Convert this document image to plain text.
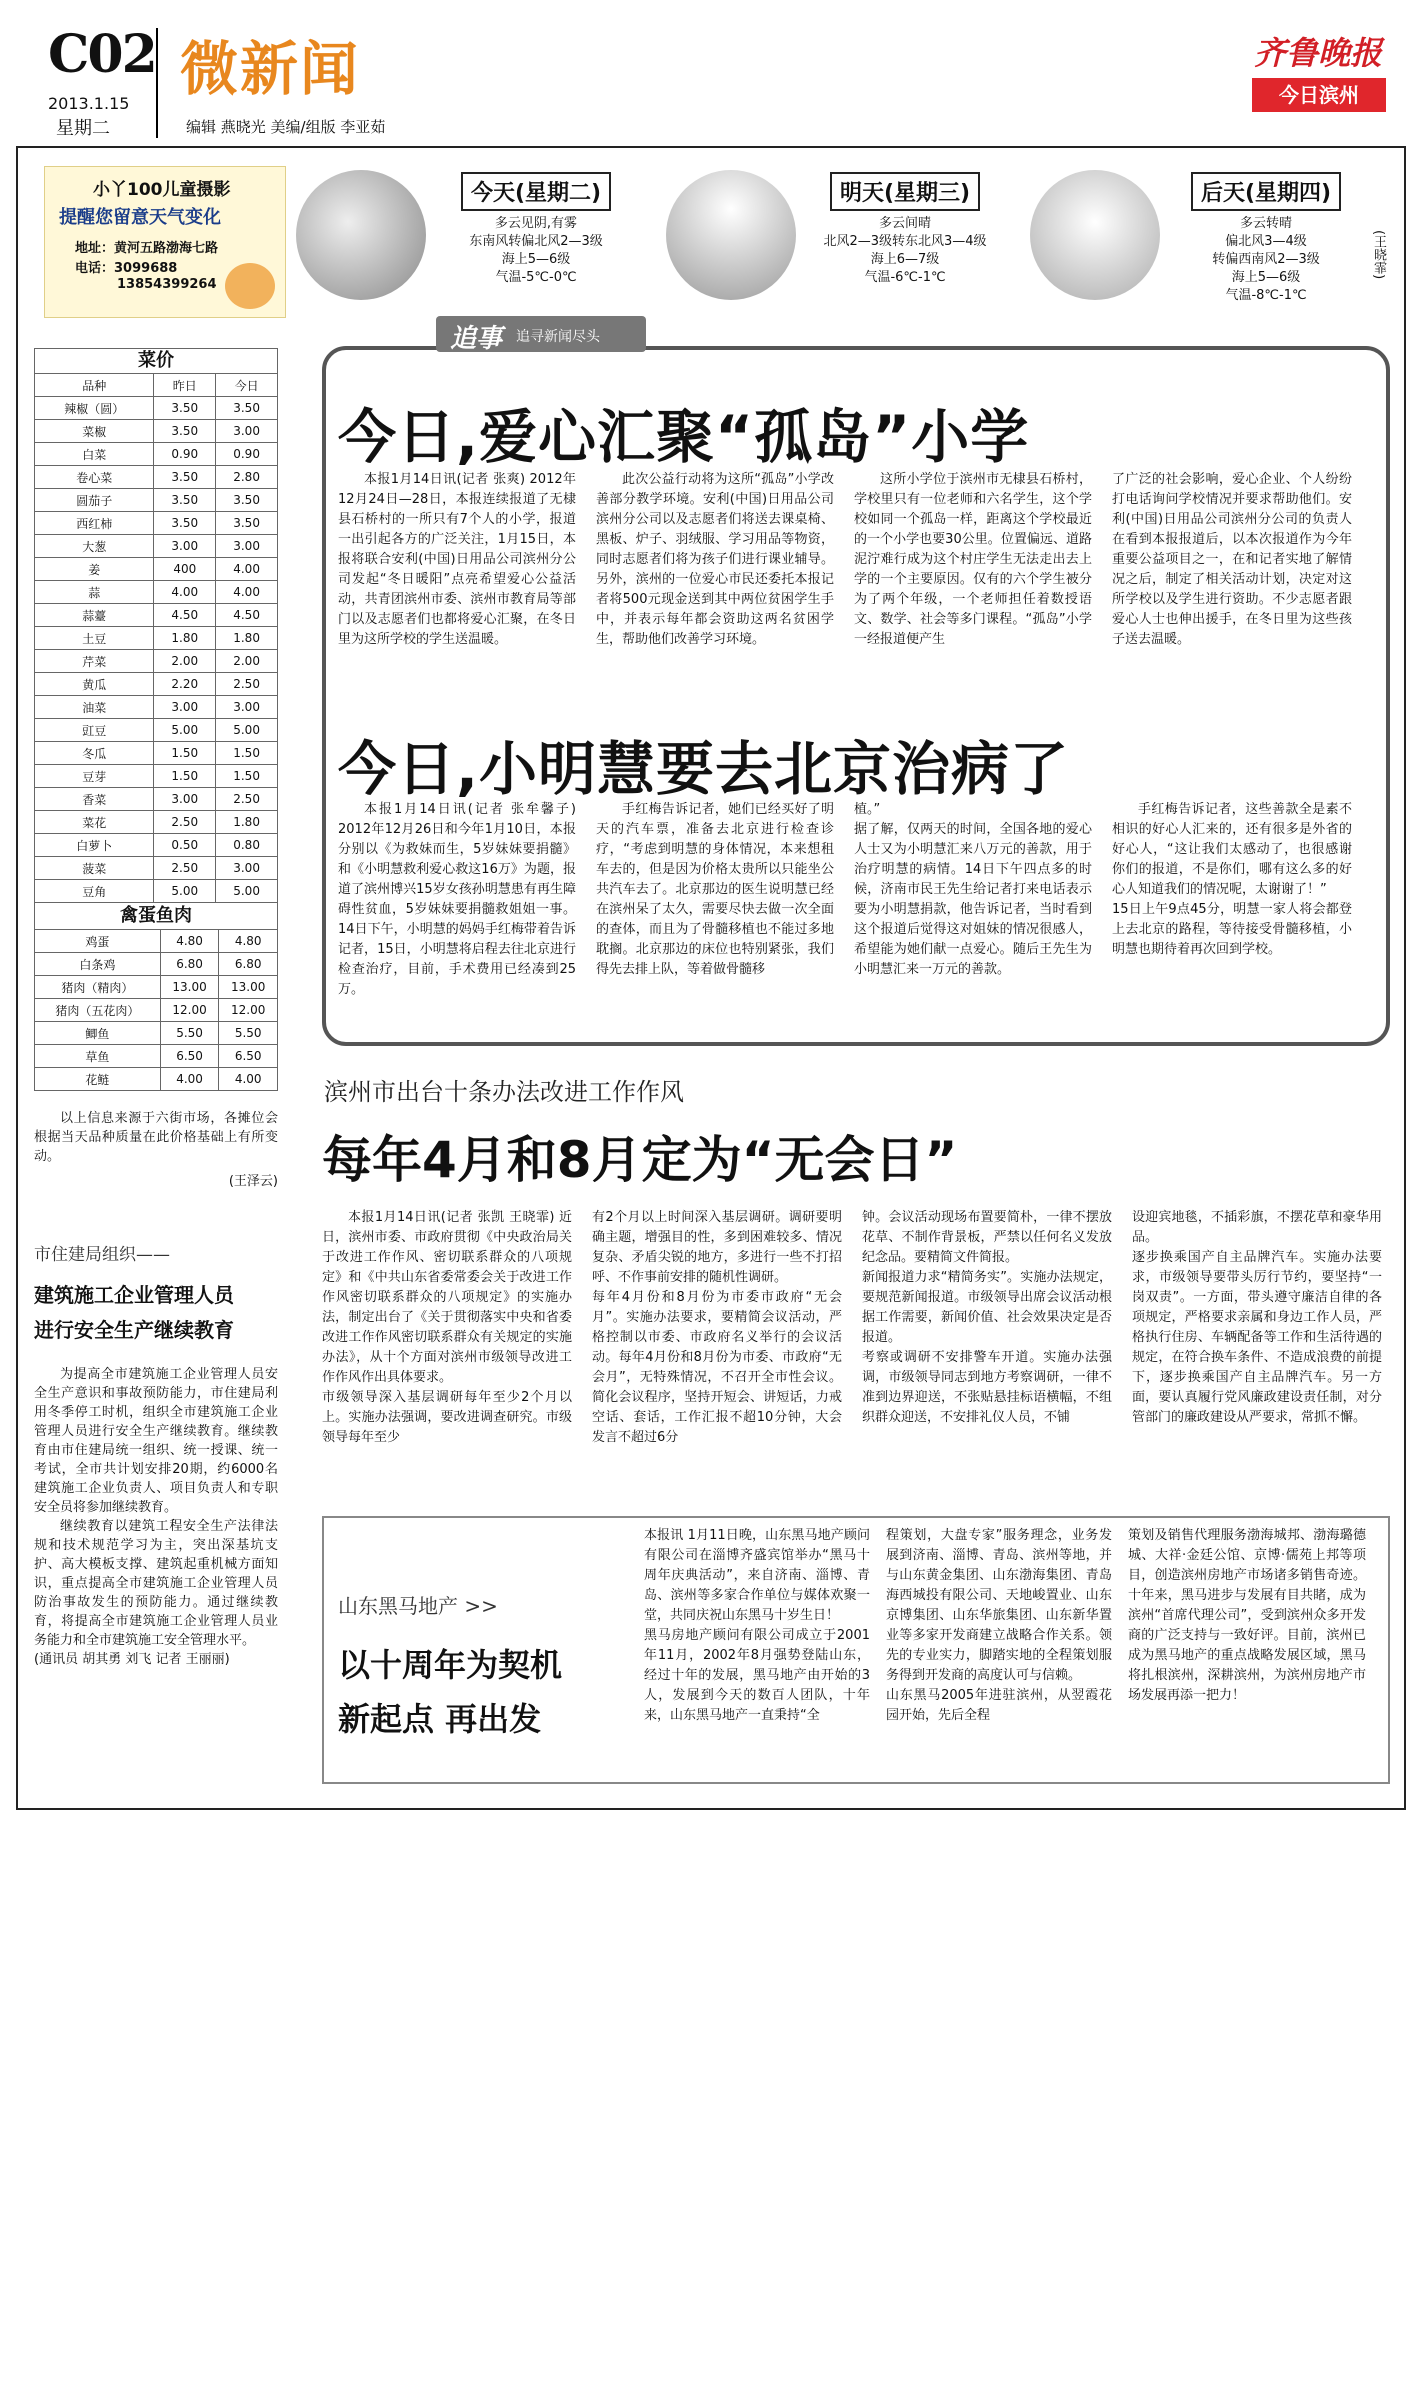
C02
2013.1.15
星期二
微新闻
编辑 燕晓光 美编/组版 李亚茹
齐鲁晚报
今日滨州
小丫100儿童摄影
提醒您留意天气变化
地址：黄河五路渤海七路
电话：3099688
13854399264
菜价
品种	昨日	今日
辣椒（圆）	3.50	3.50
菜椒	3.50	3.00
白菜	0.90	0.90
卷心菜	3.50	2.80
圆茄子	3.50	3.50
西红柿	3.50	3.50
大葱	3.00	3.00
姜	400	4.00
蒜	4.00	4.00
蒜薹	4.50	4.50
土豆	1.80	1.80
芹菜	2.00	2.00
黄瓜	2.20	2.50
油菜	3.00	3.00
豇豆	5.00	5.00
冬瓜	1.50	1.50
豆芽	1.50	1.50
香菜	3.00	2.50
菜花	2.50	1.80
白萝卜	0.50	0.80
菠菜	2.50	3.00
豆角	5.00	5.00
禽蛋鱼肉
鸡蛋	4.80	4.80
白条鸡	6.80	6.80
猪肉（精肉）	13.00	13.00
猪肉（五花肉）	12.00	12.00
鲫鱼	5.50	5.50
草鱼	6.50	6.50
花鲢	4.00	4.00
以上信息来源于六街市场，各摊位会根据当天品种质量在此价格基础上有所变动。
(王泽云)
市住建局组织——
建筑施工企业管理人员
进行安全生产继续教育
为提高全市建筑施工企业管理人员安全生产意识和事故预防能力，市住建局利用冬季停工时机，组织全市建筑施工企业管理人员进行安全生产继续教育。继续教育由市住建局统一组织、统一授课、统一考试，全市共计划安排20期，约6000名建筑施工企业负责人、项目负责人和专职安全员将参加继续教育。
继续教育以建筑工程安全生产法律法规和技术规范学习为主，突出深基坑支护、高大模板支撑、建筑起重机械方面知识，重点提高全市建筑施工企业管理人员防治事故发生的预防能力。通过继续教育，将提高全市建筑施工企业管理人员业务能力和全市建筑施工安全管理水平。
(通讯员 胡其勇 刘飞 记者 王丽丽)
今天(星期二)
多云见阴,有雾
东南风转偏北风2—3级
海上5—6级
气温-5℃-0℃
明天(星期三)
多云间晴
北风2—3级转东北风3—4级
海上6—7级
气温-6℃-1℃
后天(星期四)
多云转晴
偏北风3—4级
转偏西南风2—3级
海上5—6级
气温-8℃-1℃
(王晓霏)
追事 追寻新闻尽头
今日,爱心汇聚“孤岛”小学

本报1月14日讯(记者 张爽) 2012年12月24日—28日，本报连续报道了无棣县石桥村的一所只有7个人的小学，报道一出引起各方的广泛关注，1月15日，本报将联合安利(中国)日用品公司滨州分公司发起“冬日暖阳”点亮希望爱心公益活动，共青团滨州市委、滨州市教育局等部门以及志愿者们也都将爱心汇聚，在冬日里为这所学校的学生送温暖。

此次公益行动将为这所“孤岛”小学改善部分教学环境。安利(中国)日用品公司滨州分公司以及志愿者们将送去课桌椅、黑板、炉子、羽绒服、学习用品等物资，同时志愿者们将为孩子们进行课业辅导。另外，滨州的一位爱心市民还委托本报记者将500元现金送到其中两位贫困学生手中，并表示每年都会资助这两名贫困学生，帮助他们改善学习环境。

这所小学位于滨州市无棣县石桥村，学校里只有一位老师和六名学生，这个学校如同一个孤岛一样，距离这个学校最近的一个小学也要30公里。位置偏远、道路泥泞难行成为这个村庄学生无法走出去上学的一个主要原因。仅有的六个学生被分为了两个年级，一个老师担任着数授语文、数学、社会等多门课程。“孤岛”小学一经报道便产生

了广泛的社会影响，爱心企业、个人纷纷打电话询问学校情况并要求帮助他们。安利(中国)日用品公司滨州分公司的负责人在看到本报报道后，以本次报道作为今年重要公益项目之一，在和记者实地了解情况之后，制定了相关活动计划，决定对这所学校以及学生进行资助。不少志愿者跟爱心人士也伸出援手，在冬日里为这些孩子送去温暖。

今日,小明慧要去北京治病了

本报1月14日讯(记者 张牟馨子) 2012年12月26日和今年1月10日，本报分别以《为救妹而生，5岁妹妹要捐髓》和《小明慧救利爱心救这16万》为题，报道了滨州博兴15岁女孩孙明慧患有再生障碍性贫血，5岁妹妹要捐髓救姐姐一事。14日下午，小明慧的妈妈手红梅带着告诉记者，15日，小明慧将启程去往北京进行检查治疗，目前，手术费用已经凑到25万。

手红梅告诉记者，她们已经买好了明天的汽车票，准备去北京进行检查诊疗，“考虑到明慧的身体情况，本来想租车去的，但是因为价格太贵所以只能坐公共汽车去了。北京那边的医生说明慧已经在滨州呆了太久，需要尽快去做一次全面的查体，而且为了骨髓移植也不能过多地耽搁。北京那边的床位也特别紧张，我们得先去排上队，等着做骨髓移

植。”
据了解，仅两天的时间，全国各地的爱心人士又为小明慧汇来八万元的善款，用于治疗明慧的病情。14日下午四点多的时候，济南市民王先生给记者打来电话表示要为小明慧捐款，他告诉记者，当时看到这个报道后觉得这对姐妹的情况很感人，希望能为她们献一点爱心。随后王先生为小明慧汇来一万元的善款。

手红梅告诉记者，这些善款全是素不相识的好心人汇来的，还有很多是外省的好心人，“这让我们太感动了，也很感谢你们的报道，不是你们，哪有这么多的好心人知道我们的情况呢，太谢谢了！”
15日上午9点45分，明慧一家人将会都登上去北京的路程，等待接受骨髓移植，小明慧也期待着再次回到学校。

滨州市出台十条办法改进工作作风
每年4月和8月定为“无会日”

本报1月14日讯(记者 张凯 王晓霏) 近日，滨州市委、市政府贯彻《中央政治局关于改进工作作风、密切联系群众的八项规定》和《中共山东省委常委会关于改进工作作风密切联系群众的八项规定》的实施办法，制定出台了《关于贯彻落实中央和省委改进工作作风密切联系群众有关规定的实施办法》，从十个方面对滨州市级领导改进工作作风作出具体要求。
市级领导深入基层调研每年至少2个月以上。实施办法强调，要改进调查研究。市级领导每年至少

有2个月以上时间深入基层调研。调研要明确主题，增强目的性，多到困难较多、情况复杂、矛盾尖锐的地方，多进行一些不打招呼、不作事前安排的随机性调研。
每年4月份和8月份为市委市政府“无会月”。实施办法要求，要精简会议活动，严格控制以市委、市政府名义举行的会议活动。每年4月份和8月份为市委、市政府“无会月”，无特殊情况，不召开全市性会议。简化会议程序，坚持开短会、讲短话，力戒空话、套话，工作汇报不超10分钟，大会发言不超过6分

钟。会议活动现场布置要简朴，一律不摆放花草、不制作背景板，严禁以任何名义发放纪念品。要精简文件简报。
新闻报道力求“精简务实”。实施办法规定，要规范新闻报道。市级领导出席会议活动根据工作需要，新闻价值、社会效果决定是否报道。
考察或调研不安排警车开道。实施办法强调，市级领导同志到地方考察调研，一律不准到边界迎送，不张贴悬挂标语横幅，不组织群众迎送，不安排礼仪人员，不铺

设迎宾地毯，不插彩旗，不摆花草和豪华用品。
逐步换乘国产自主品牌汽车。实施办法要求，市级领导要带头厉行节约，要坚持“一岗双责”。一方面，带头遵守廉洁自律的各项规定，严格要求亲属和身边工作人员，严格执行住房、车辆配备等工作和生活待遇的规定，在符合换车条件、不造成浪费的前提下，逐步换乘国产自主品牌汽车。另一方面，要认真履行党风廉政建设责任制，对分管部门的廉政建设从严要求，常抓不懈。

山东黑马地产 >>
以十周年为契机
新起点 再出发

本报讯 1月11日晚，山东黑马地产顾问有限公司在淄博齐盛宾馆举办“黑马十周年庆典活动”，来自济南、淄博、青岛、滨州等多家合作单位与媒体欢聚一堂，共同庆祝山东黑马十岁生日！
黑马房地产顾问有限公司成立于2001年11月，2002年8月强势登陆山东，经过十年的发展，黑马地产由开始的3人，发展到今天的数百人团队，十年来，山东黑马地产一直秉持“全

程策划，大盘专家”服务理念，业务发展到济南、淄博、青岛、滨州等地，并与山东黄金集团、山东渤海集团、青岛海西城投有限公司、天地峻置业、山东京博集团、山东华旅集团、山东新华置业等多家开发商建立战略合作关系。领先的专业实力，脚踏实地的全程策划服务得到开发商的高度认可与信赖。
山东黑马2005年进驻滨州，从翌霞花园开始，先后全程

策划及销售代理服务渤海城邦、渤海璐德城、大祥·金廷公馆、京博·儒苑上邦等项目，创造滨州房地产市场诸多销售奇迹。十年来，黑马进步与发展有目共睹，成为滨州“首席代理公司”，受到滨州众多开发商的广泛支持与一致好评。目前，滨州已成为黑马地产的重点战略发展区域，黑马将扎根滨州，深耕滨州，为滨州房地产市场发展再添一把力！
